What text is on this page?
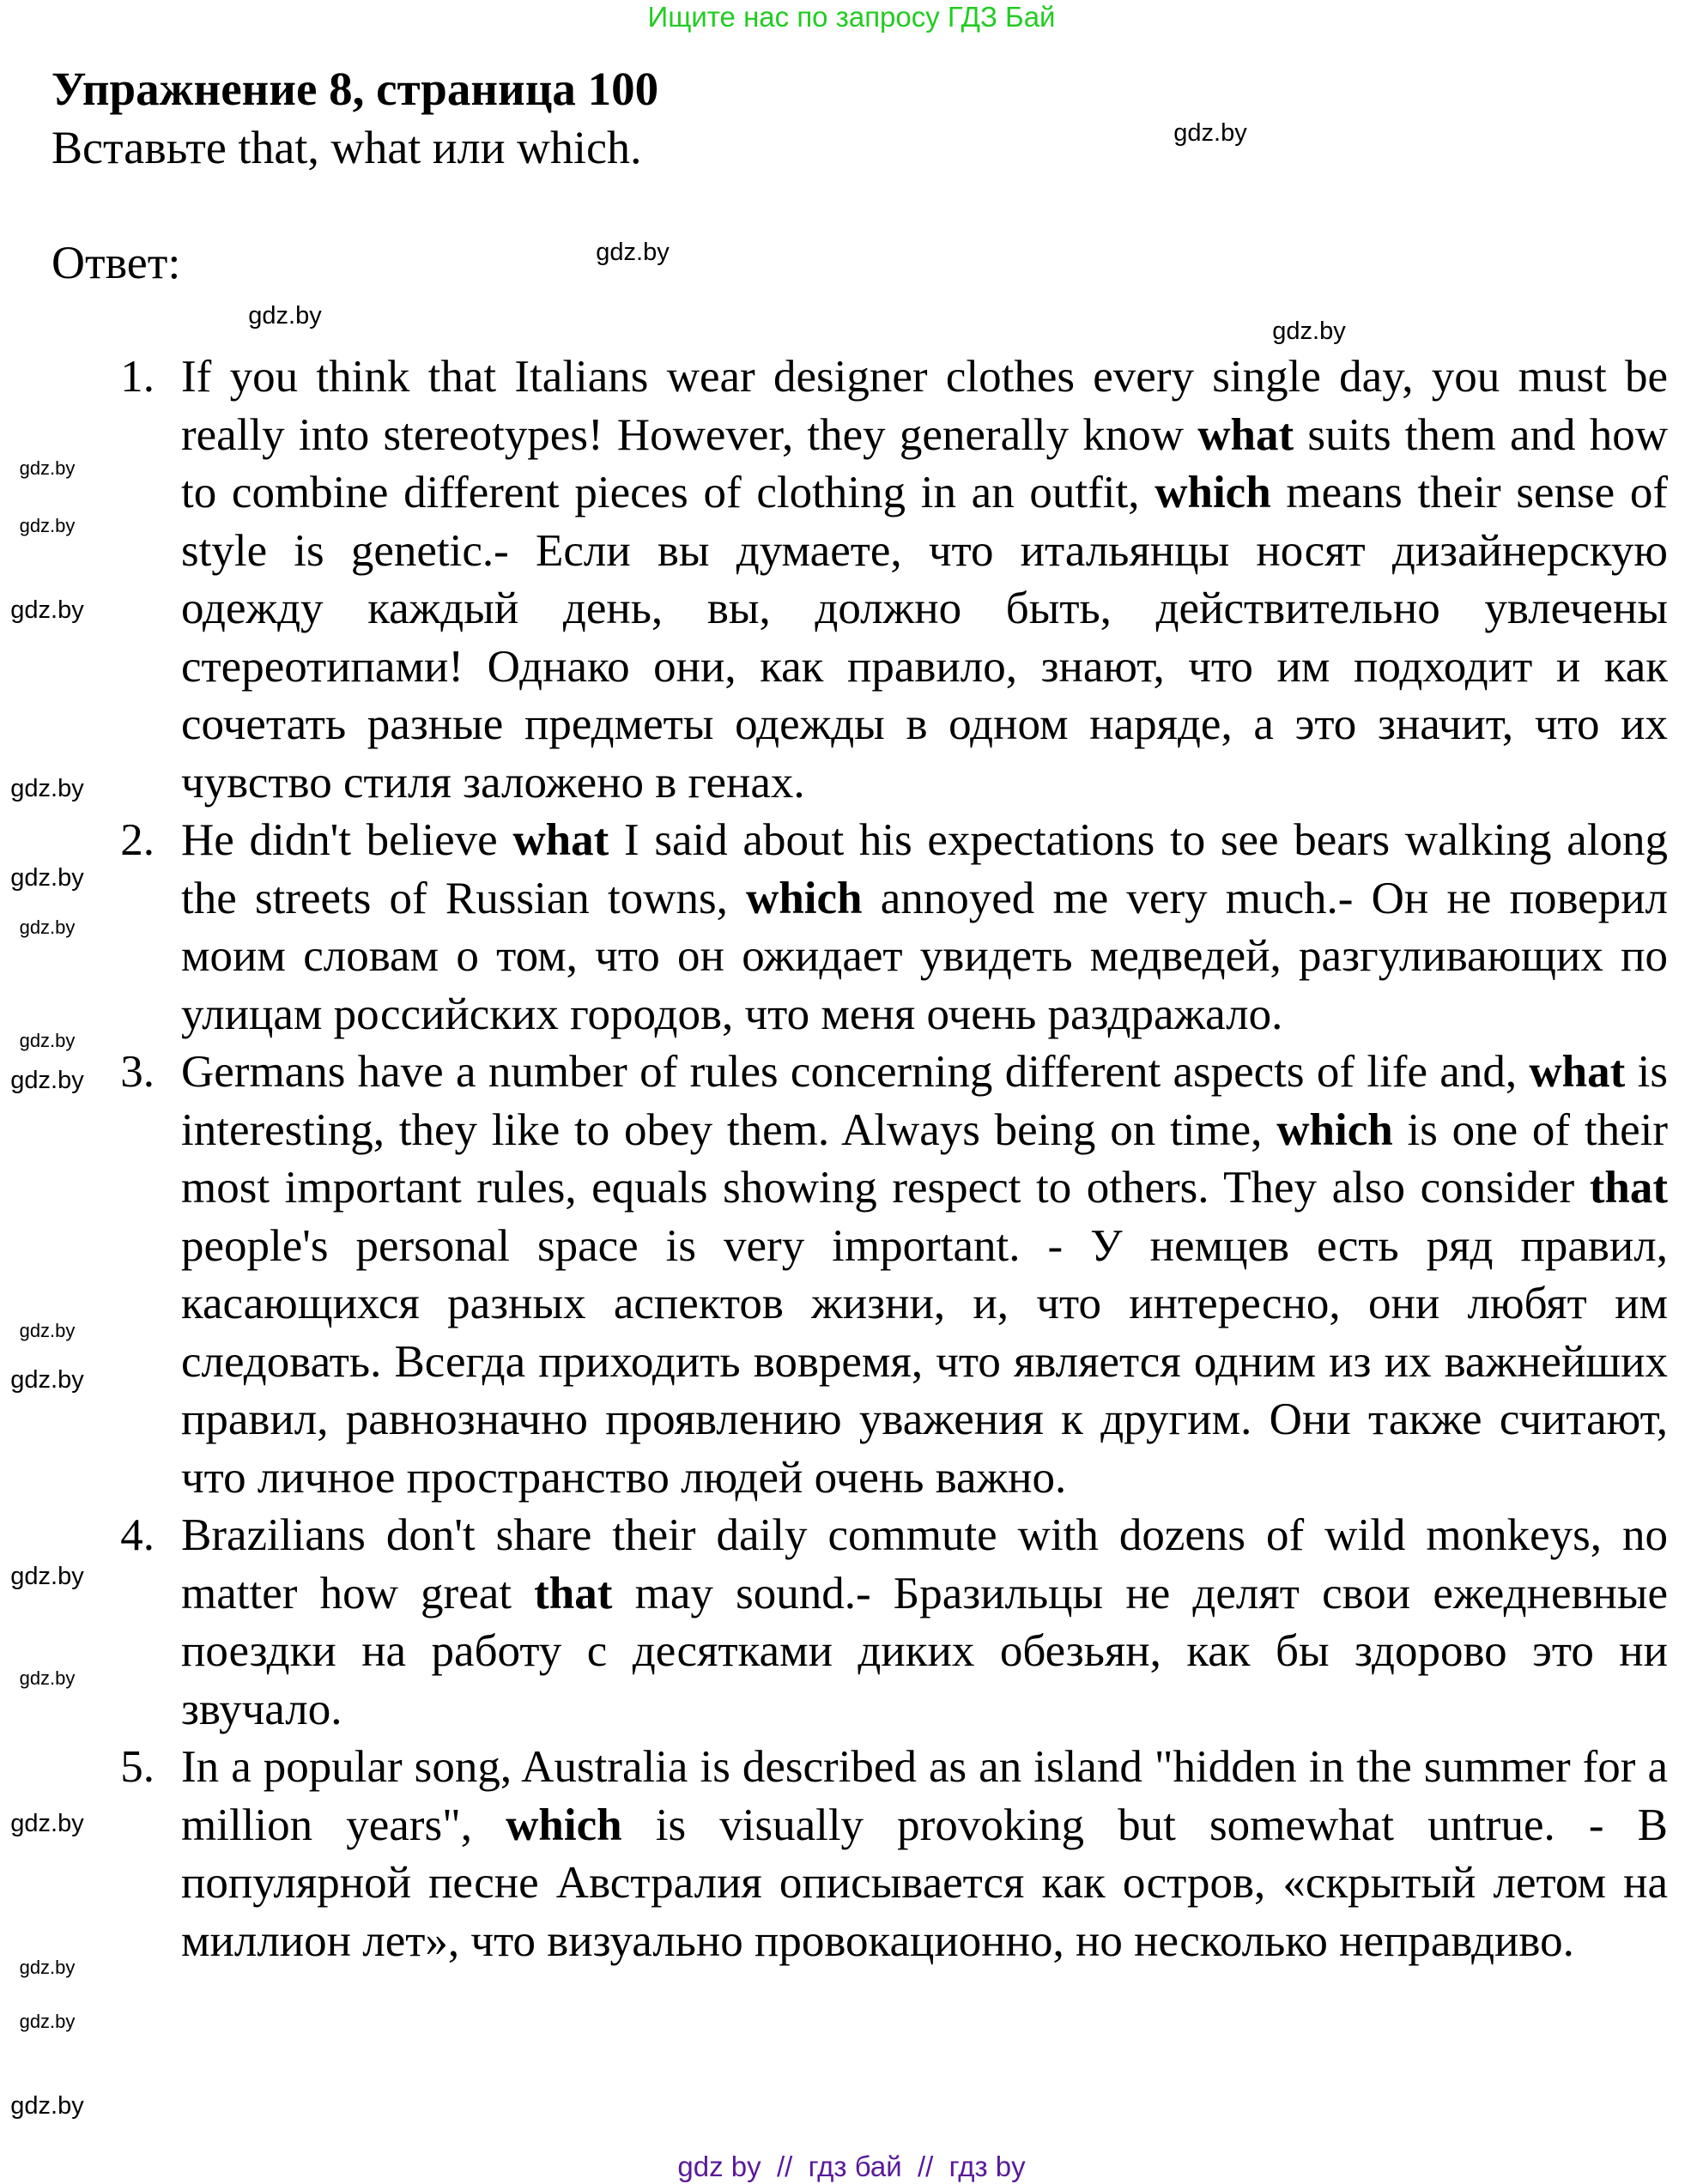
Ищите нас по запросу ГДЗ Бай
Упражнение 8, страница 100
Вставьте that, what или which.
Ответ:
1. If you think that Italians wear designer clothes every single day, you must be really into stereotypes! However, they generally know what suits them and how to combine different pieces of clothing in an outfit, which means their sense of style is genetic.- Если вы думаете, что итальянцы носят дизайнерскую одежду каждый день, вы, должно быть, действительно увлечены стереотипами! Однако они, как правило, знают, что им подходит и как сочетать разные предметы одежды в одном наряде, а это значит, что их чувство стиля заложено в генах.
2. He didn't believe what I said about his expectations to see bears walking along the streets of Russian towns, which annoyed me very much.- Он не поверил моим словам о том, что он ожидает увидеть медведей, разгуливающих по улицам российских городов, что меня очень раздражало.
3. Germans have a number of rules concerning different aspects of life and, what is interesting, they like to obey them. Always being on time, which is one of their most important rules, equals showing respect to others. They also consider that people's personal space is very important. - У немцев есть ряд правил, касающихся разных аспектов жизни, и, что интересно, они любят им следовать. Всегда приходить вовремя, что является одним из их важнейших правил, равнозначно проявлению уважения к другим. Они также считают, что личное пространство людей очень важно.
4. Brazilians don't share their daily commute with dozens of wild monkeys, no matter how great that may sound.- Бразильцы не делят свои ежедневные поездки на работу с десятками диких обезьян, как бы здорово это ни звучало.
5. In a popular song, Australia is described as an island "hidden in the summer for a million years", which is visually provoking but somewhat untrue. - В популярной песне Австралия описывается как остров, «скрытый летом на миллион лет», что визуально провокационно, но несколько неправдиво.
gdz.by
gdz.by
gdz.by
gdz.by
gdz.by
gdz.by
gdz.by
gdz.by
gdz.by
gdz.by
gdz.by
gdz.by
gdz.by
gdz.by
gdz.by
gdz.by
gdz.by
gdz.by
gdz.by
gdz.by
gdz by  //  гдз бай  //  гдз by
